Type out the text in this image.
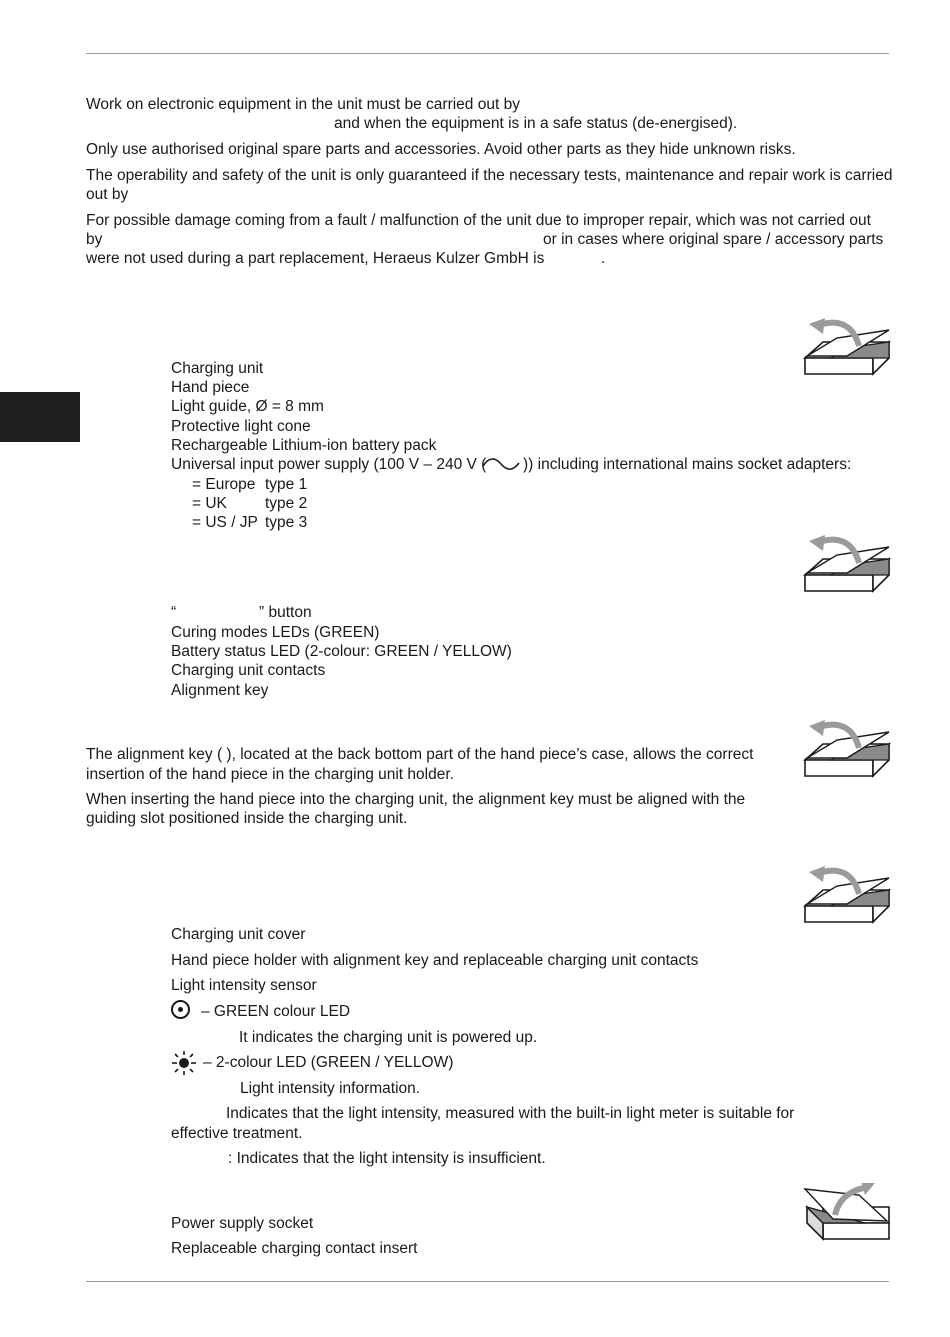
Work on electronic equipment in the unit must be carried out by
and when the equipment is in a safe status (de-energised).
Only use authorised original spare parts and accessories. Avoid other parts as they hide unknown risks.
The operability and safety of the unit is only guaranteed if the necessary tests, maintenance and repair work is carried
out by
For possible damage coming from a fault / malfunction of the unit due to improper repair, which was not carried out
by	or in cases where original spare / accessory parts
were not used during a part replacement, Heraeus Kulzer GmbH is	.
Charging unit
Hand piece
Light guide, Ø = 8 mm
Protective light cone
Rechargeable Lithium-ion battery pack
Universal input power supply (100 V – 240 V ( )) including international mains socket adapters:
= Europe type 1
= UK type 2
= US / JP type 3
“	” button
Curing modes LEDs (GREEN)
Battery status LED (2-colour: GREEN / YELLOW)
Charging unit contacts
Alignment key
The alignment key ( ), located at the back bottom part of the hand piece’s case, allows the correct
insertion of the hand piece in the charging unit holder.
When inserting the hand piece into the charging unit, the alignment key must be aligned with the
guiding slot positioned inside the charging unit.
Charging unit cover
Hand piece holder with alignment key and replaceable charging unit contacts
Light intensity sensor
– GREEN colour LED
It indicates the charging unit is powered up.
– 2-colour LED (GREEN / YELLOW)
Light intensity information.
Indicates that the light intensity, measured with the built-in light meter is suitable for
effective treatment.
: Indicates that the light intensity is insufficient.
Power supply socket
Replaceable charging contact insert
